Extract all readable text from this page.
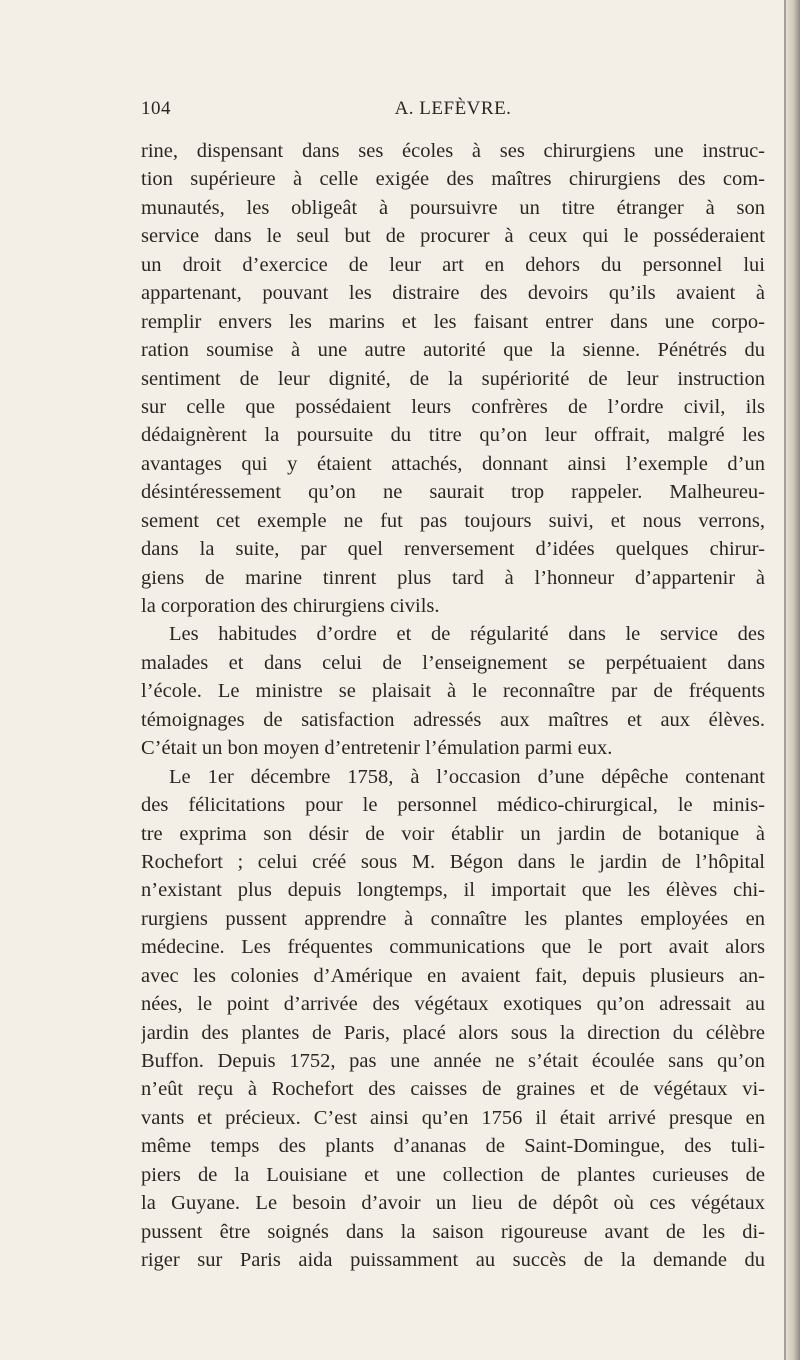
104	A. LEFÈVRE.
rine, dispensant dans ses écoles à ses chirurgiens une instruc-
tion supérieure à celle exigée des maîtres chirurgiens des com-
munautés, les obligeât à poursuivre un titre étranger à son
service dans le seul but de procurer à ceux qui le posséderaient
un droit d’exercice de leur art en dehors du personnel lui
appartenant, pouvant les distraire des devoirs qu’ils avaient à
remplir envers les marins et les faisant entrer dans une corpo-
ration soumise à une autre autorité que la sienne. Pénétrés du
sentiment de leur dignité, de la supériorité de leur instruction
sur celle que possédaient leurs confrères de l’ordre civil, ils
dédaignèrent la poursuite du titre qu’on leur offrait, malgré les
avantages qui y étaient attachés, donnant ainsi l’exemple d’un
désintéressement qu’on ne saurait trop rappeler. Malheureu-
sement cet exemple ne fut pas toujours suivi, et nous verrons,
dans la suite, par quel renversement d’idées quelques chirur-
giens de marine tinrent plus tard à l’honneur d’appartenir à
la corporation des chirurgiens civils.
Les habitudes d’ordre et de régularité dans le service des
malades et dans celui de l’enseignement se perpétuaient dans
l’école. Le ministre se plaisait à le reconnaître par de fréquents
témoignages de satisfaction adressés aux maîtres et aux élèves.
C’était un bon moyen d’entretenir l’émulation parmi eux.
Le 1er décembre 1758, à l’occasion d’une dépêche contenant
des félicitations pour le personnel médico-chirurgical, le minis-
tre exprima son désir de voir établir un jardin de botanique à
Rochefort ; celui créé sous M. Bégon dans le jardin de l’hôpital
n’existant plus depuis longtemps, il importait que les élèves chi-
rurgiens pussent apprendre à connaître les plantes employées en
médecine. Les fréquentes communications que le port avait alors
avec les colonies d’Amérique en avaient fait, depuis plusieurs an-
nées, le point d’arrivée des végétaux exotiques qu’on adressait au
jardin des plantes de Paris, placé alors sous la direction du célèbre
Buffon. Depuis 1752, pas une année ne s’était écoulée sans qu’on
n’eût reçu à Rochefort des caisses de graines et de végétaux vi-
vants et précieux. C’est ainsi qu’en 1756 il était arrivé presque en
même temps des plants d’ananas de Saint-Domingue, des tuli-
piers de la Louisiane et une collection de plantes curieuses de
la Guyane. Le besoin d’avoir un lieu de dépôt où ces végétaux
pussent être soignés dans la saison rigoureuse avant de les di-
riger sur Paris aida puissamment au succès de la demande du
